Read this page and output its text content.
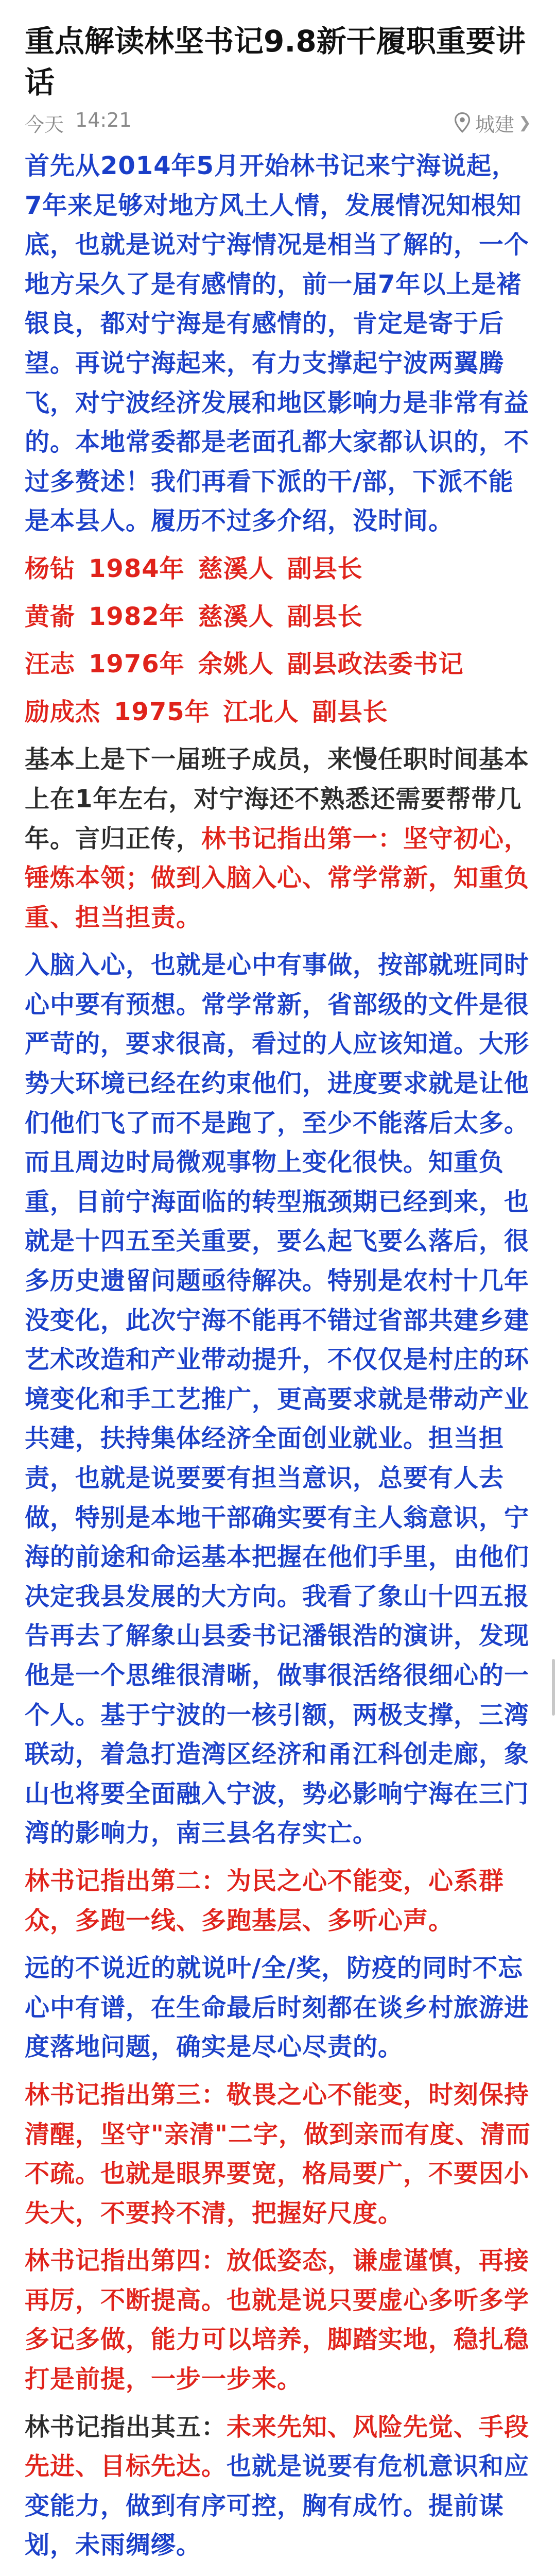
重点解读林坚书记9.8新干履职重要讲话
今天 14:21	城建 ❯

首先从2014年5月开始林书记来宁海说起，7年来足够对地方风土人情，发展情况知根知底，也就是说对宁海情况是相当了解的，一个地方呆久了是有感情的，前一届7年以上是褚银良，都对宁海是有感情的，肯定是寄于后望。再说宁海起来，有力支撑起宁波两翼腾飞，对宁波经济发展和地区影响力是非常有益的。本地常委都是老面孔都大家都认识的，不过多赘述！我们再看下派的干/部，下派不能是本县人。履历不过多介绍，没时间。

杨钻 1984年 慈溪人 副县长

黄嵛 1982年 慈溪人 副县长

汪志 1976年 余姚人 副县政法委书记

励成杰 1975年 江北人 副县长

基本上是下一届班子成员，来慢任职时间基本上在1年左右，对宁海还不熟悉还需要帮带几年。言归正传，林书记指出第一：坚守初心，锤炼本领；做到入脑入心、常学常新，知重负重、担当担责。

入脑入心，也就是心中有事做，按部就班同时心中要有预想。常学常新，省部级的文件是很严苛的，要求很高，看过的人应该知道。大形势大环境已经在约束他们，进度要求就是让他们他们飞了而不是跑了，至少不能落后太多。而且周边时局微观事物上变化很快。知重负重，目前宁海面临的转型瓶颈期已经到来，也就是十四五至关重要，要么起飞要么落后，很多历史遗留问题亟待解决。特别是农村十几年没变化，此次宁海不能再不错过省部共建乡建艺术改造和产业带动提升，不仅仅是村庄的环境变化和手工艺推广，更高要求就是带动产业共建，扶持集体经济全面创业就业。担当担责，也就是说要要有担当意识，总要有人去做，特别是本地干部确实要有主人翁意识，宁海的前途和命运基本把握在他们手里，由他们决定我县发展的大方向。我看了象山十四五报告再去了解象山县委书记潘银浩的演讲，发现他是一个思维很清晰，做事很活络很细心的一个人。基于宁波的一核引额，两极支撑，三湾联动，着急打造湾区经济和甬江科创走廊，象山也将要全面融入宁波，势必影响宁海在三门湾的影响力，南三县名存实亡。

林书记指出第二：为民之心不能变，心系群众，多跑一线、多跑基层、多听心声。

远的不说近的就说叶/全/奖，防疫的同时不忘心中有谱，在生命最后时刻都在谈乡村旅游进度落地问题，确实是尽心尽责的。

林书记指出第三：敬畏之心不能变，时刻保持清醒，坚守"亲清"二字，做到亲而有度、清而不疏。也就是眼界要宽，格局要广，不要因小失大，不要拎不清，把握好尺度。

林书记指出第四：放低姿态，谦虚谨慎，再接再厉，不断提高。也就是说只要虚心多听多学多记多做，能力可以培养，脚踏实地，稳扎稳打是前提，一步一步来。

林书记指出其五：未来先知、风险先觉、手段先进、目标先达。也就是说要有危机意识和应变能力，做到有序可控，胸有成竹。提前谋划，未雨绸缪。
